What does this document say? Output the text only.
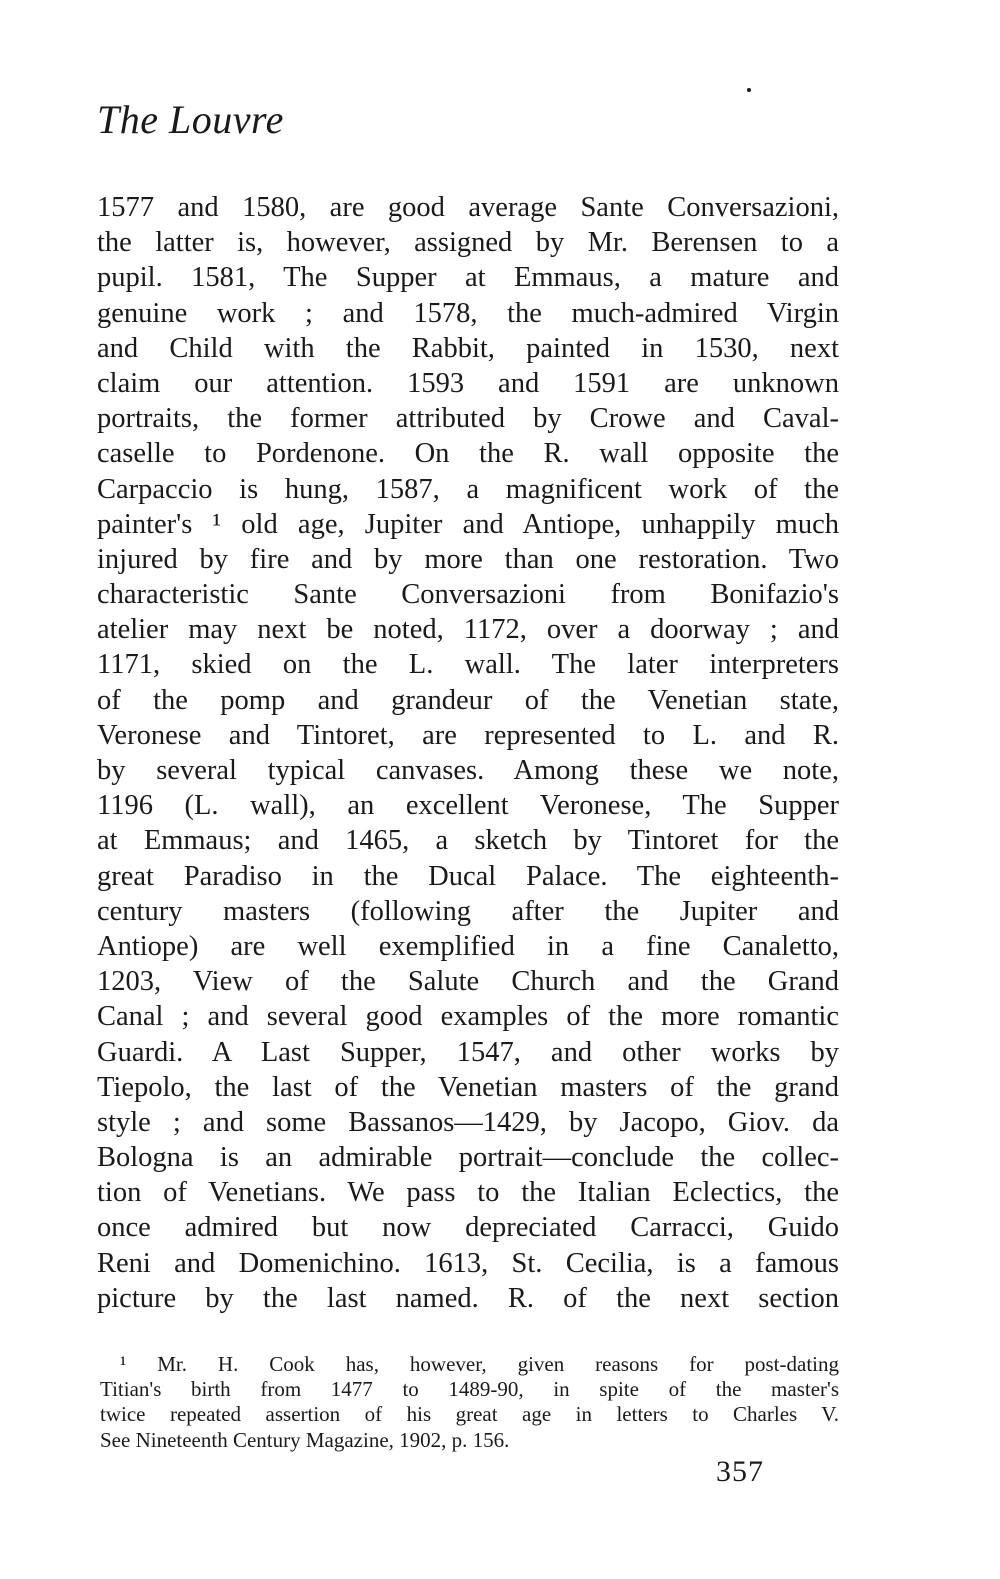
The Louvre
1577 and 1580, are good average Sante Conversazioni,
the latter is, however, assigned by Mr. Berensen to a
pupil. 1581, The Supper at Emmaus, a mature and
genuine work ; and 1578, the much-admired Virgin
and Child with the Rabbit, painted in 1530, next
claim our attention. 1593 and 1591 are unknown
portraits, the former attributed by Crowe and Caval-
caselle to Pordenone. On the R. wall opposite the
Carpaccio is hung, 1587, a magnificent work of the
painter's ¹ old age, Jupiter and Antiope, unhappily much
injured by fire and by more than one restoration. Two
characteristic Sante Conversazioni from Bonifazio's
atelier may next be noted, 1172, over a doorway ; and
1171, skied on the L. wall. The later interpreters
of the pomp and grandeur of the Venetian state,
Veronese and Tintoret, are represented to L. and R.
by several typical canvases. Among these we note,
1196 (L. wall), an excellent Veronese, The Supper
at Emmaus; and 1465, a sketch by Tintoret for the
great Paradiso in the Ducal Palace. The eighteenth-
century masters (following after the Jupiter and
Antiope) are well exemplified in a fine Canaletto,
1203, View of the Salute Church and the Grand
Canal ; and several good examples of the more romantic
Guardi. A Last Supper, 1547, and other works by
Tiepolo, the last of the Venetian masters of the grand
style ; and some Bassanos—1429, by Jacopo, Giov. da
Bologna is an admirable portrait—conclude the collec-
tion of Venetians. We pass to the Italian Eclectics, the
once admired but now depreciated Carracci, Guido
Reni and Domenichino. 1613, St. Cecilia, is a famous
picture by the last named. R. of the next section
¹ Mr. H. Cook has, however, given reasons for post-dating
Titian's birth from 1477 to 1489-90, in spite of the master's
twice repeated assertion of his great age in letters to Charles V.
See Nineteenth Century Magazine, 1902, p. 156.
357
